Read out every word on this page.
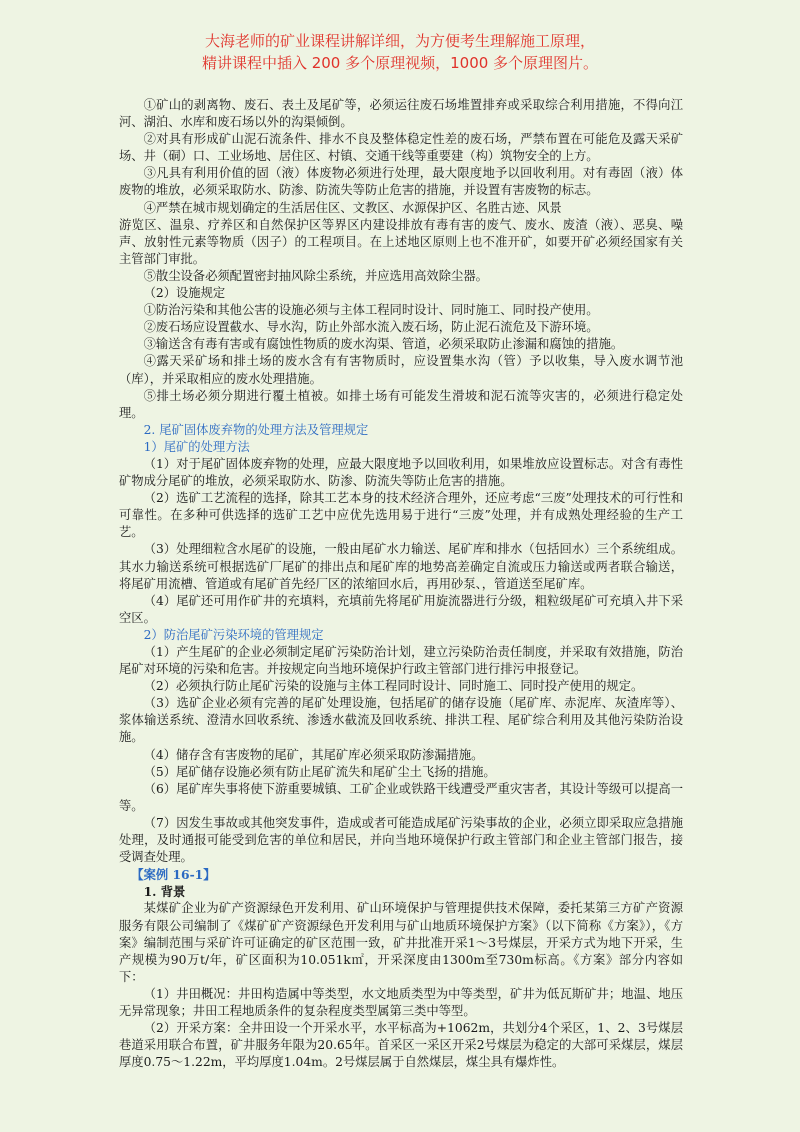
大海老师的矿业课程讲解详细，为方便考生理解施工原理，
精讲课程中插入 200 多个原理视频，1000 多个原理图片。

①矿山的剥离物、废石、表土及尾矿等，必须运往废石场堆置排弃或采取综合利用措施，不得向江河、湖泊、水库和废石场以外的沟渠倾倒。

②对具有形成矿山泥石流条件、排水不良及整体稳定性差的废石场，严禁布置在可能危及露天采矿场、井（硐）口、工业场地、居住区、村镇、交通干线等重要建（构）筑物安全的上方。

③凡具有利用价值的固（液）体废物必须进行处理，最大限度地予以回收利用。对有毒固（液）体废物的堆放，必须采取防水、防渗、防流失等防止危害的措施，并设置有害废物的标志。

④严禁在城市规划确定的生活居住区、文教区、水源保护区、名胜古迹、风景

游览区、温泉、疗养区和自然保护区等界区内建设排放有毒有害的废气、废水、废渣（液）、恶臭、噪声、放射性元素等物质（因子）的工程项目。在上述地区原则上也不准开矿，如要开矿必须经国家有关主管部门审批。

⑤散尘设备必须配置密封抽风除尘系统，并应选用高效除尘器。

（2）设施规定

①防治污染和其他公害的设施必须与主体工程同时设计、同时施工、同时投产使用。

②废石场应设置截水、导水沟，防止外部水流入废石场，防止泥石流危及下游环境。

③输送含有毒有害或有腐蚀性物质的废水沟渠、管道，必须采取防止渗漏和腐蚀的措施。

④露天采矿场和排土场的废水含有有害物质时，应设置集水沟（管）予以收集，导入废水调节池（库），并采取相应的废水处理措施。

⑤排土场必须分期进行覆土植被。如排土场有可能发生滑坡和泥石流等灾害的，必须进行稳定处理。

2. 尾矿固体废弃物的处理方法及管理规定

1）尾矿的处理方法

（1）对于尾矿固体废弃物的处理，应最大限度地予以回收利用，如果堆放应设置标志。对含有毒性矿物成分尾矿的堆放，必须采取防水、防渗、防流失等防止危害的措施。

（2）选矿工艺流程的选择，除其工艺本身的技术经济合理外，还应考虑“三废”处理技术的可行性和可靠性。在多种可供选择的选矿工艺中应优先选用易于进行“三废”处理，并有成熟处理经验的生产工艺。

（3）处理细粒含水尾矿的设施，一般由尾矿水力输送、尾矿库和排水（包括回水）三个系统组成。其水力输送系统可根据选矿厂尾矿的排出点和尾矿库的地势高差确定自流或压力输送或两者联合输送，将尾矿用流槽、管道或有尾矿首先经厂区的浓缩回水后，再用砂泵、，管道送至尾矿库。

（4）尾矿还可用作矿井的充填料，充填前先将尾矿用旋流器进行分级，粗粒级尾矿可充填入井下采空区。

2）防治尾矿污染环境的管理规定

（1）产生尾矿的企业必须制定尾矿污染防治计划，建立污染防治责任制度，并采取有效措施，防治尾矿对环境的污染和危害。并按规定向当地环境保护行政主管部门进行排污申报登记。

（2）必须执行防止尾矿污染的设施与主体工程同时设计、同时施工、同时投产使用的规定。

（3）选矿企业必须有完善的尾矿处理设施，包括尾矿的储存设施（尾矿库、赤泥库、灰渣库等）、浆体输送系统、澄清水回收系统、渗透水截流及回收系统、排洪工程、尾矿综合利用及其他污染防治设施。

（4）储存含有害废物的尾矿，其尾矿库必须采取防渗漏措施。

（5）尾矿储存设施必须有防止尾矿流失和尾矿尘土飞扬的措施。

（6）尾矿库失事将使下游重要城镇、工矿企业或铁路干线遭受严重灾害者，其设计等级可以提高一等。

（7）因发生事故或其他突发事件，造成或者可能造成尾矿污染事故的企业，必须立即采取应急措施处理，及时通报可能受到危害的单位和居民，并向当地环境保护行政主管部门和企业主管部门报告，接受调查处理。

【案例 16-1】

1. 背景

某煤矿企业为矿产资源绿色开发利用、矿山环境保护与管理提供技术保障，委托某第三方矿产资源服务有限公司编制了《煤矿矿产资源绿色开发利用与矿山地质环境保护方案》（以下简称《方案》），《方案》编制范围与采矿许可证确定的矿区范围一致，矿井批准开采1～3号煤层，开采方式为地下开采，生产规模为90万t/年，矿区面积为10.051k㎡，开采深度由1300m至730m标高。《方案》部分内容如下：

（1）井田概况：井田构造属中等类型，水文地质类型为中等类型，矿井为低瓦斯矿井；地温、地压无异常现象；井田工程地质条件的复杂程度类型属第三类中等型。

（2）开采方案：全井田设一个开采水平，水平标高为+1062m，共划分4个采区，1、2、3号煤层巷道采用联合布置，矿井服务年限为20.65年。首采区一采区开采2号煤层为稳定的大部可采煤层，煤层厚度0.75～1.22m，平均厚度1.04m。2号煤层属于自然煤层，煤尘具有爆炸性。
